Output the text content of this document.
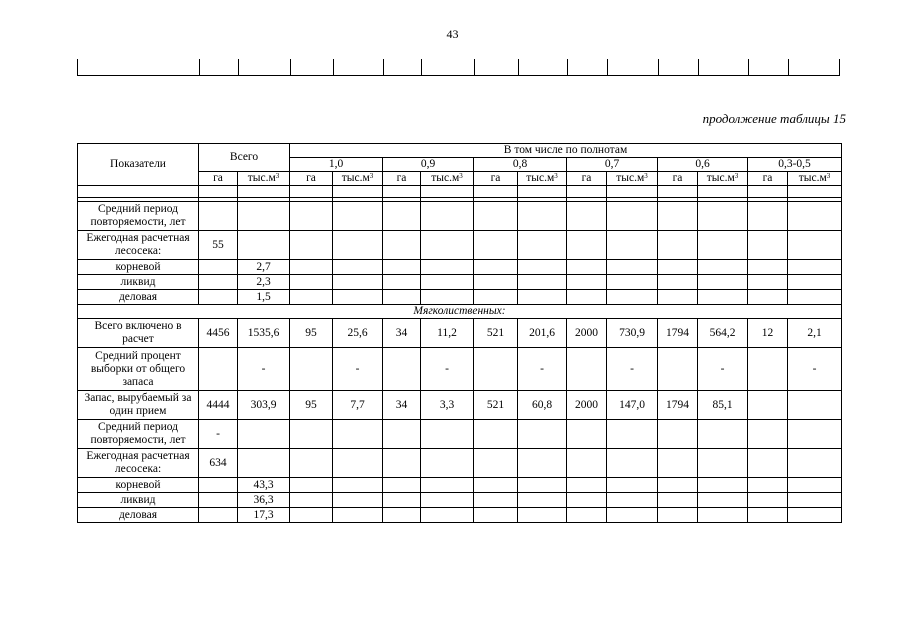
43
продолжение таблицы 15
Показатели	Всего		В том числе по полнотам											
			1,0		0,9		0,8		0,7		0,6		0,3-0,5	
	га	$тыс.м^3$	га	$тыс.м^3$	га	$тыс.м^3$	га	$тыс.м^3$	га	$тыс.м^3$	га	$тыс.м^3$	га	$тыс.м^3$

Средний период повторяемости, лет														
Ежегодная расчетная лесосека:	55													
корневой		2,7												
ликвид		2,3												
деловая		1,5												
Мягколиственных:														
Всего включено в расчет	4456	1535,6	95	25,6	34	11,2	521	201,6	2000	730,9	1794	564,2	12	2,1
Средний процент выборки от общего запаса		-		-		-		-		-		-		-
Запас, вырубаемый за один прием	4444	303,9	95	7,7	34	3,3	521	60,8	2000	147,0	1794	85,1		
Средний период повторяемости, лет	-													
Ежегодная расчетная лесосека:	634													
корневой		43,3												
ликвид		36,3												
деловая		17,3												
